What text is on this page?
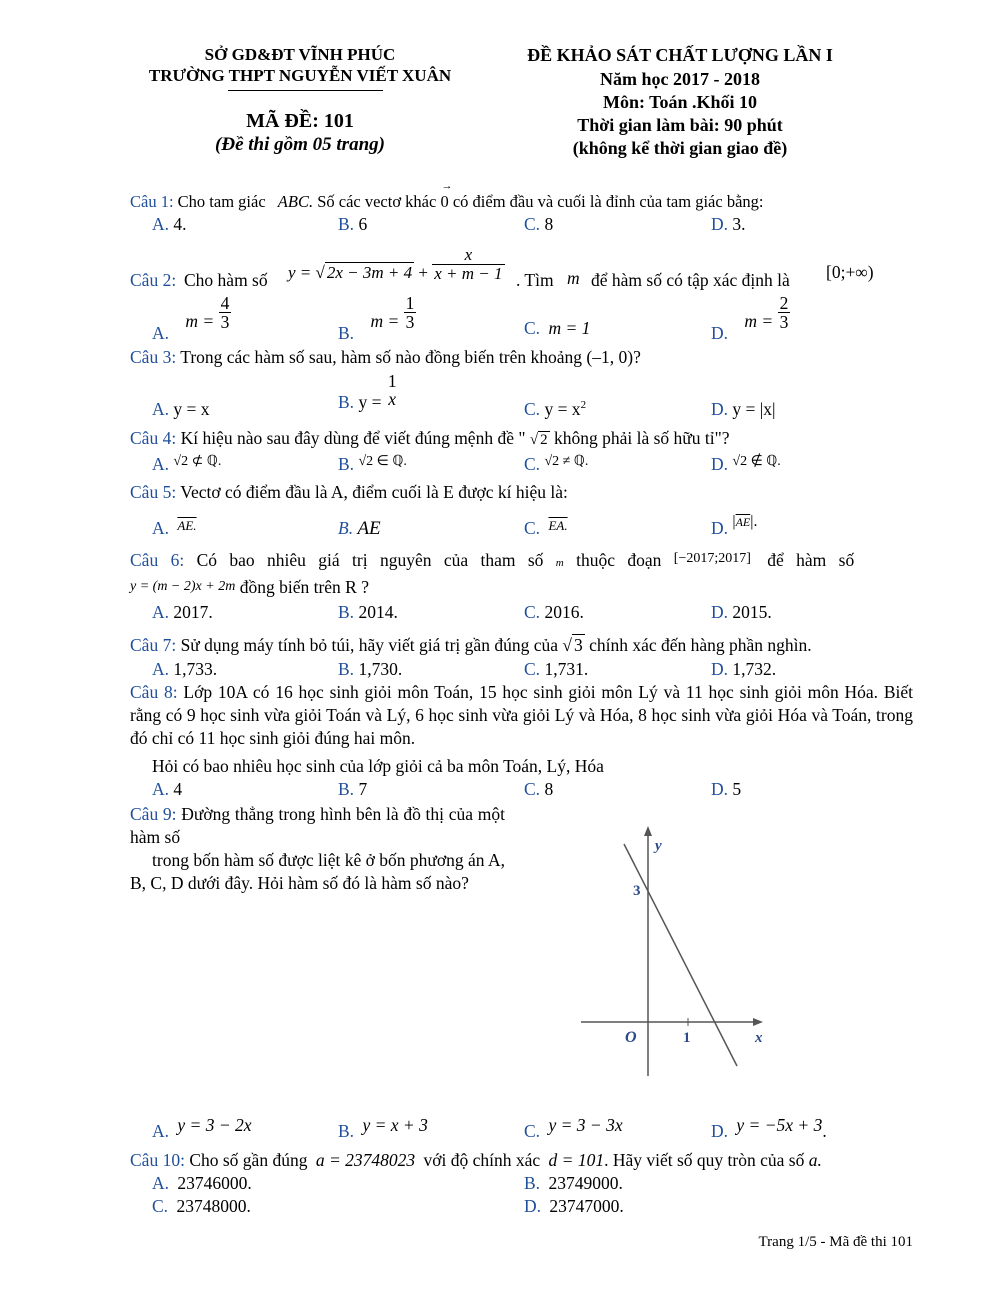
SỞ GD&ĐT VĨNH PHÚC
TRƯỜNG THPT NGUYỄN VIẾT XUÂN
MÃ ĐỀ: 101
(Đề thi gồm 05 trang)
ĐỀ KHẢO SÁT CHẤT LƯỢNG LẦN I
Năm học 2017 - 2018
Môn: Toán .Khối 10
Thời gian làm bài: 90 phút
(không kể thời gian giao đề)
Câu 1: Cho tam giác ABC. Số các vectơ khác 0
→
có điểm đầu và cuối là đỉnh của tam giác bằng:
A. 4.	B. 6	C. 8	D. 3.
Câu 2: Cho hàm số y = √ $2x - 3m + 4 + \frac{x}{x + m - 1}$ . Tìm m để hàm số có tập xác định là [0;+∞)
A. $m = \frac{4}{3}$
B. $m = \frac{1}{3}$	C. m = 1	D. $m = \frac{2}{3}$
Câu 3: Trong các hàm số sau, hàm số nào đồng biến trên khoảng (–1, 0)?
A. y = x	B. y =
1
x	C. $y = x^2$	D. y = |x|
Câu 4: Kí hiệu nào sau đây dùng để viết đúng mệnh đề " √ 2 không phải là số hữu tỉ"?
A. $^{√2 ⊄ ℚ.}$	B. $^{√2 \in ℚ.}$	C. $^{√2 \ne ℚ.}$	D. $^{√2 \notin ℚ.}$
Câu 5: Vectơ có điểm đầu là A, điểm cuối là E được kí hiệu là:
A. $^{AE.}$	B. AE	C. $^{EA.}$	D. $|\overline{AE}|$.
Câu 6: Có bao nhiêu giá trị nguyên của tham số m thuộc đoạn [−2017;2017] để hàm số
y = (m − 2)x + 2m đồng biến trên R ?
A. 2017.	B. 2014.	C. 2016.	D. 2015.
Câu 7: Sử dụng máy tính bỏ túi, hãy viết giá trị gần đúng của √ 3 chính xác đến hàng phần nghìn.
A. 1,733.	B. 1,730.	C. 1,731.	D. 1,732.
Câu 8: Lớp 10A có 16 học sinh giỏi môn Toán, 15 học sinh giỏi môn Lý và 11 học sinh giỏi môn Hóa. Biết rằng có 9 học sinh vừa giỏi Toán và Lý, 6 học sinh vừa giỏi Lý và Hóa, 8 học sinh vừa giỏi Hóa và Toán, trong đó chỉ có 11 học sinh giỏi đúng hai môn.
Hỏi có bao nhiêu học sinh của lớp giỏi cả ba môn Toán, Lý, Hóa
A. 4	B. 7	C. 8	D. 5
Câu 9: Đường thẳng trong hình bên là đồ thị của một hàm số
trong bốn hàm số được liệt kê ở bốn phương án A, B, C, D dưới đây. Hỏi hàm số đó là hàm số nào?
y
3
O	1	x
A. y = 3 − 2x	B. y = x + 3	C. y = 3 − 3x	D. y = −5x + 3.
Câu 10: Cho số gần đúng a = 23748023 với độ chính xác d = 101. Hãy viết số quy tròn của số a.
A. 23746000.	B. 23749000.
C. 23748000.	D. 23747000.
Trang 1/5 - Mã đề thi 101
